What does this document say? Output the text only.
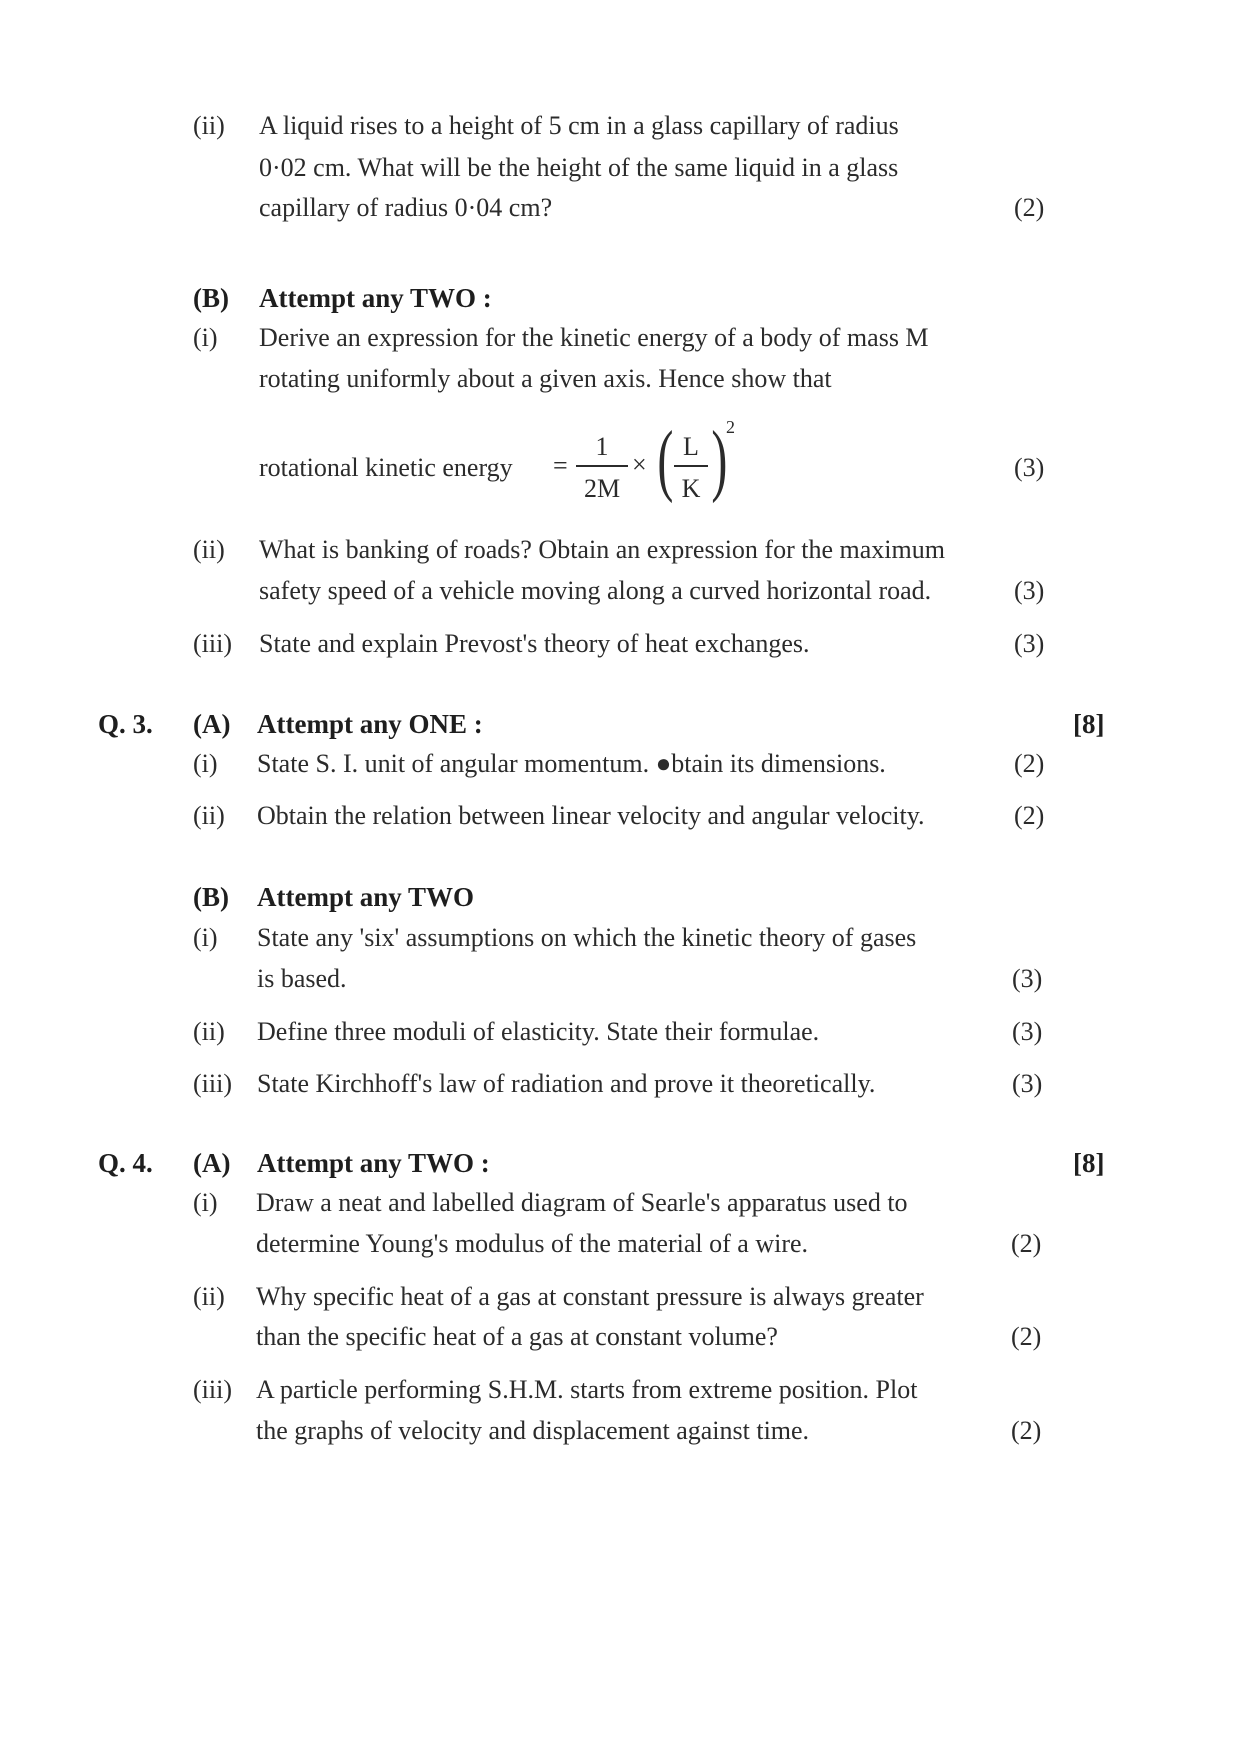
(ii) A liquid rises to a height of 5 cm in a glass capillary of radius
0·02 cm. What will be the height of the same liquid in a glass
capillary of radius 0·04 cm?	(2)
(B) Attempt any TWO :
(i) Derive an expression for the kinetic energy of a body of mass M
rotating uniformly about a given axis. Hence show that
rotational kinetic energy =
1
2M
× ( L
K )
2
(3)
(ii) What is banking of roads? Obtain an expression for the maximum
safety speed of a vehicle moving along a curved horizontal road.	(3)
(iii) State and explain Prevost's theory of heat exchanges.	(3)
Q. 3. (A) Attempt any ONE :	[8]
(i) State S. I. unit of angular momentum. ●btain its dimensions.	(2)
(ii) Obtain the relation between linear velocity and angular velocity.	(2)
(B) Attempt any TWO
(i) State any 'six' assumptions on which the kinetic theory of gases
is based.	(3)
(ii) Define three moduli of elasticity. State their formulae.	(3)
(iii) State Kirchhoff's law of radiation and prove it theoretically.	(3)
Q. 4. (A) Attempt any TWO :	[8]
(i) Draw a neat and labelled diagram of Searle's apparatus used to
determine Young's modulus of the material of a wire.	(2)
(ii) Why specific heat of a gas at constant pressure is always greater
than the specific heat of a gas at constant volume?	(2)
(iii) A particle performing S.H.M. starts from extreme position. Plot
the graphs of velocity and displacement against time.	(2)
